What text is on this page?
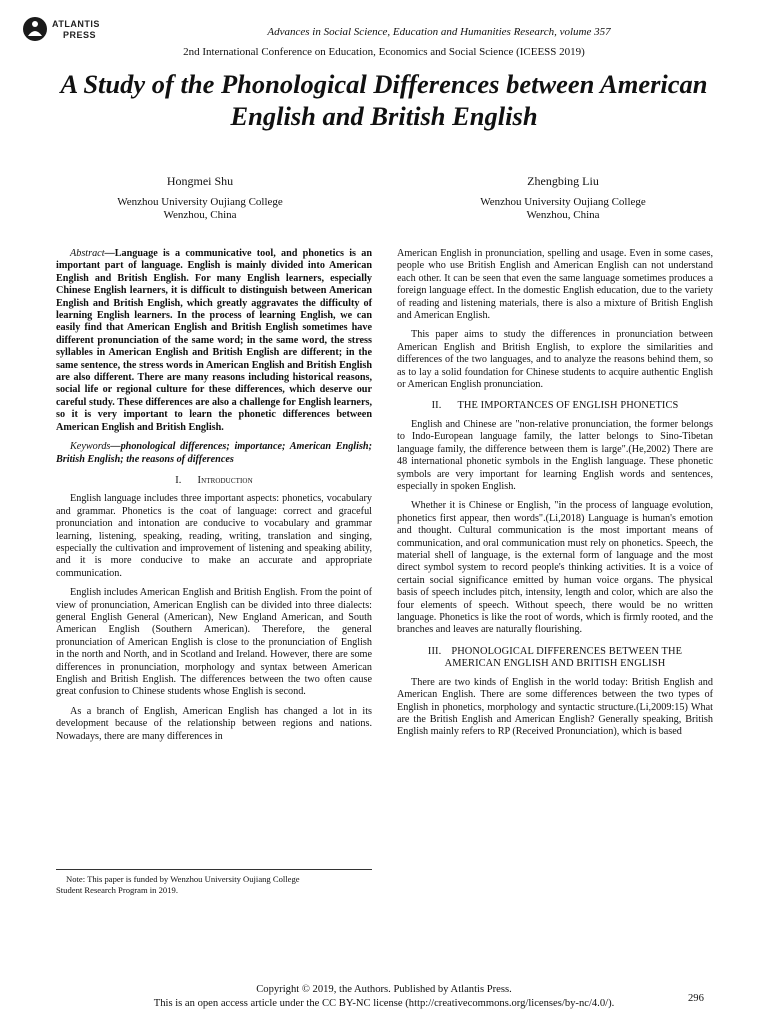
ATLANTIS
PRESS	Advances in Social Science, Education and Humanities Research, volume 357
2nd International Conference on Education, Economics and Social Science (ICEESS 2019)
A Study of the Phonological Differences between American English and British English
Hongmei Shu
Wenzhou University Oujiang College
Wenzhou, China
Zhengbing Liu
Wenzhou University Oujiang College
Wenzhou, China

Abstract—Language is a communicative tool, and phonetics is an important part of language. English is mainly divided into American English and British English. For many English learners, especially Chinese English learners, it is difficult to distinguish between American English and British English, which greatly aggravates the difficulty of learning English learners. In the process of learning English, we can easily find that American English and British English sometimes have different pronunciation of the same word; in the same word, the stress syllables in American English and British English are different; in the same sentence, the stress words in American English and British English are also different. There are many reasons including historical reasons, social life or regional culture for these differences, which deserve our careful study. These differences are also a challenge for English learners, so it is very important to learn the phonetic differences between American English and British English.

Keywords—phonological differences; importance; American English; British English; the reasons of differences

I. Introduction

English language includes three important aspects: phonetics, vocabulary and grammar. Phonetics is the coat of language: correct and graceful pronunciation and intonation are conducive to vocabulary and grammar learning, listening, speaking, reading, writing, translation and singing, especially the cultivation and improvement of listening and speaking ability, and it is more conducive to make an accurate and appropriate communication.

English includes American English and British English. From the point of view of pronunciation, American English can be divided into three dialects: general English General (American), New England American, and South American English (Southern American). Therefore, the general pronunciation of American English is close to the pronunciation of English in the north and North, and in Scotland and Ireland. However, there are some differences in pronunciation, morphology and syntax between American English and British English. The differences between the two often cause great confusion to Chinese students whose English is second.

As a branch of English, American English has changed a lot in its development because of the relationship between regions and nations. Nowadays, there are many differences in

American English in pronunciation, spelling and usage. Even in some cases, people who use British English and American English can not understand each other. It can be seen that even the same language sometimes produces a foreign language effect. In the domestic English education, due to the variety of reading and listening materials, there is also a mixture of British English and American English.

This paper aims to study the differences in pronunciation between American English and British English, to explore the similarities and differences of the two languages, and to analyze the reasons behind them, so as to lay a solid foundation for Chinese students to acquire authentic English or American English pronunciation.

II. THE IMPORTANCES OF ENGLISH PHONETICS

English and Chinese are "non-relative pronunciation, the former belongs to Indo-European language family, the latter belongs to Sino-Tibetan language family, the difference between them is large".(He,2002) There are 48 international phonetic symbols in the English language. These phonetic symbols are very important for learning English words and sentences, especially in spoken English.

Whether it is Chinese or English, "in the process of language evolution, phonetics first appear, then words".(Li,2018) Language is human's emotion and thought. Cultural communication is the most important means of communication, and oral communication must rely on phonetics. Speech, the material shell of language, is the external form of language and the most direct symbol system to record people's thinking activities. It is a voice of certain social significance emitted by human voice organs. The physical basis of speech includes pitch, intensity, length and color, which are also the four elements of speech. Without speech, there would be no written language. Phonetics is like the root of words, which is firmly rooted, and the branches and leaves are naturally flourishing.

III. PHONOLOGICAL DIFFERENCES BETWEEN THE AMERICAN ENGLISH AND BRITISH ENGLISH

There are two kinds of English in the world today: British English and American English. There are some differences between the two types of English in phonetics, morphology and syntactic structure.(Li,2009:15) What are the British English and American English? Generally speaking, British English mainly refers to RP (Received Pronunciation), which is based

Note: This paper is funded by Wenzhou University Oujiang College
Student Research Program in 2019.
Copyright © 2019, the Authors. Published by Atlantis Press.
This is an open access article under the CC BY-NC license (http://creativecommons.org/licenses/by-nc/4.0/).	296
